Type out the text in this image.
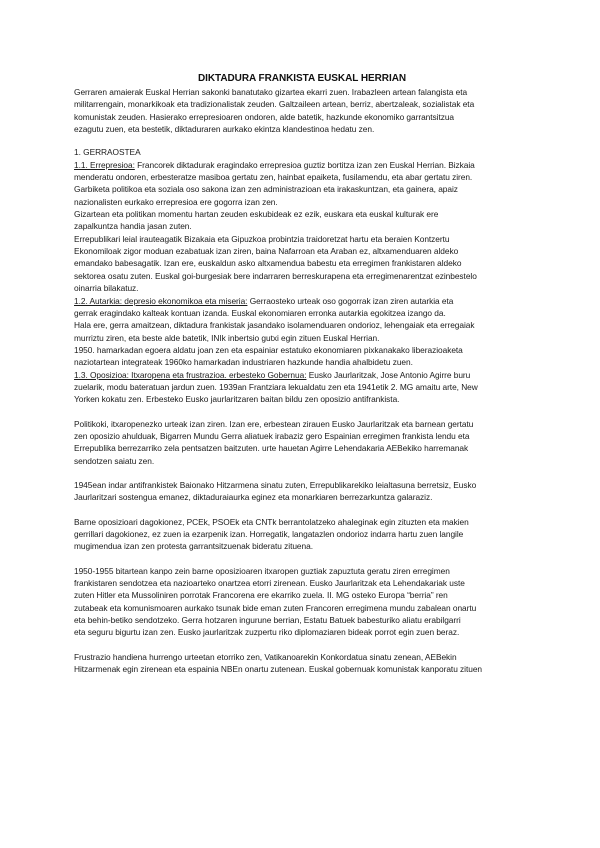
DIKTADURA FRANKISTA EUSKAL HERRIAN
Gerraren amaierak Euskal Herrian sakonki banatutako gizartea ekarri zuen. Irabazleen artean falangista eta
militarrengain, monarkikoak eta tradizionalistak zeuden. Galtzaileen artean, berriz, abertzaleak, sozialistak eta
komunistak zeuden. Hasierako errepresioaren ondoren, alde batetik, hazkunde ekonomiko garrantsitzua
ezagutu zuen, eta bestetik, diktaduraren aurkako ekintza klandestinoa hedatu zen.
1. GERRAOSTEA
1.1. Errepresioa: Francorek diktadurak eragindako errepresioa guztiz bortitza izan zen Euskal Herrian. Bizkaia
menderatu ondoren, erbesteratze masiboa gertatu zen, hainbat epaiketa, fusilamendu, eta abar gertatu ziren.
Garbiketa politikoa eta soziala oso sakona izan zen administrazioan eta irakaskuntzan, eta gainera, apaiz
nazionalisten eurkako errepresioa ere gogorra izan zen.
Gizartean eta politikan momentu hartan zeuden eskubideak ez ezik, euskara eta euskal kulturak ere
zapalkuntza handia jasan zuten.
Errepublikari leial irauteagatik Bizakaia eta Gipuzkoa probintzia traidoretzat hartu eta beraien Kontzertu
Ekonomiloak zigor moduan ezabatuak izan ziren, baina Nafarroan eta Araban ez, altxamenduaren aldeko
emandako babesagatik. Izan ere, euskaldun asko altxamendua babestu eta erregimen frankistaren aldeko
sektorea osatu zuten. Euskal goi-burgesiak bere indarraren berreskurapena eta erregimenarentzat ezinbestelo
oinarria bilakatuz.
1.2. Autarkia: depresio ekonomikoa eta miseria: Gerraosteko urteak oso gogorrak izan ziren autarkia eta
gerrak eragindako kalteak kontuan izanda. Euskal ekonomiaren erronka autarkia egokitzea izango da.
Hala ere, gerra amaitzean, diktadura frankistak jasandako isolamenduaren ondorioz, lehengaiak eta erregaiak
murriztu ziren, eta beste alde batetik, INIk inbertsio gutxi egin zituen Euskal Herrian.
1950. hamarkadan egoera aldatu joan zen eta espainiar estatuko ekonomiaren pixkanakako liberazioaketa
naziotartean integrateak 1960ko hamarkadan industriaren hazkunde handia ahalbidetu zuen.
1.3. Oposizioa: Itxaropena eta frustrazioa. erbesteko Gobernua: Eusko Jaurlaritzak, Jose Antonio Agirre buru
zuelarik, modu bateratuan jardun zuen. 1939an Frantziara lekualdatu zen eta 1941etik 2. MG amaitu arte, New
Yorken kokatu zen. Erbesteko Eusko jaurlaritzaren baitan bildu zen oposizio antifrankista.
Politikoki, itxaropenezko urteak izan ziren. Izan ere, erbestean zirauen Eusko Jaurlaritzak eta barnean gertatu
zen oposizio ahulduak, Bigarren Mundu Gerra aliatuek irabaziz gero Espainian erregimen frankista lendu eta
Errepublika berrezarriko zela pentsatzen baitzuten. urte hauetan Agirre Lehendakaria AEBekiko harremanak
sendotzen saiatu zen.
1945ean indar antifrankistek Baionako Hitzarmena sinatu zuten, Errepublikarekiko leialtasuna berretsiz, Eusko
Jaurlaritzari sostengua emanez, diktaduraiaurka eginez eta monarkiaren berrezarkuntza galaraziz.
Barne oposizioari dagokionez, PCEk, PSOEk eta CNTk berrantolatzeko ahaleginak egin zituzten eta makien
gerrillari dagokionez, ez zuen ia ezarpenik izan. Horregatik, langatazlen ondorioz indarra hartu zuen langile
mugimendua izan zen protesta garrantsitzuenak bideratu zituena.
1950-1955 bitartean kanpo zein barne oposizioaren itxaropen guztiak zapuztuta geratu ziren erregimen
frankistaren sendotzea eta nazioarteko onartzea etorri zirenean. Eusko Jaurlaritzak eta Lehendakariak uste
zuten Hitler eta Mussoliniren porrotak Francorena ere ekarriko zuela. II. MG osteko Europa “berria” ren
zutabeak eta komunismoaren aurkako tsunak bide eman zuten Francoren erregimena mundu zabalean onartu
eta behin-betiko sendotzeko. Gerra hotzaren ingurune berrian, Estatu Batuek babesturiko aliatu erabilgarri
eta seguru bigurtu izan zen. Eusko jaurlaritzak zuzpertu riko diplomaziaren bideak porrot egin zuen beraz.
Frustrazio handiena hurrengo urteetan etorriko zen, Vatikanoarekin Konkordatua sinatu zenean, AEBekin
Hitzarmenak egin zirenean eta espainia NBEn onartu zutenean. Euskal gobernuak komunistak kanporatu zituen
